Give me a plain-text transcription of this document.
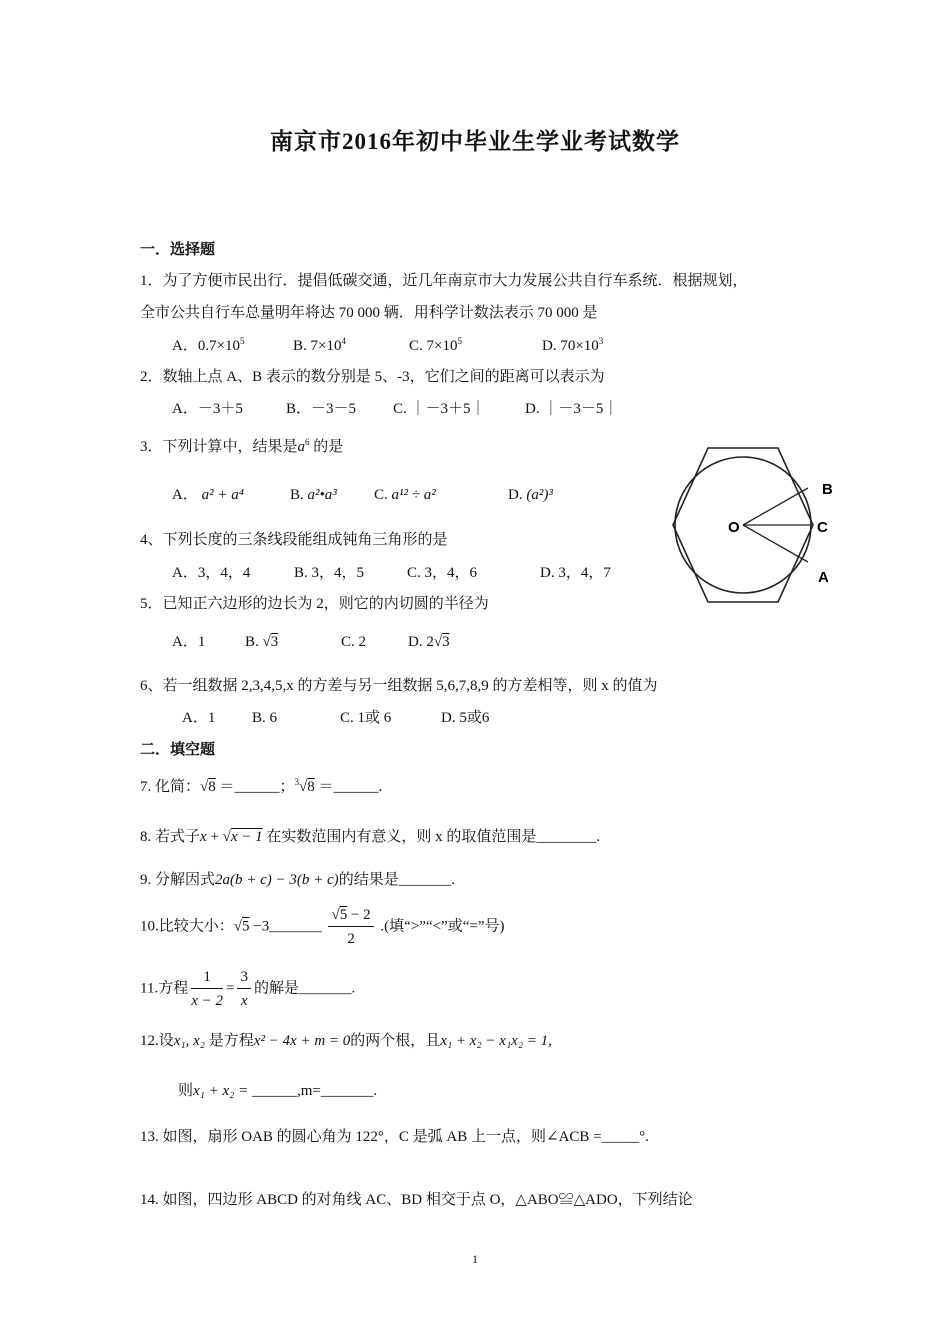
南京市2016年初中毕业生学业考试数学
一．选择题
1．为了方便市民出行．提倡低碳交通，近几年南京市大力发展公共自行车系统．根据规划，
全市公共自行车总量明年将达 70 000 辆．用科学计数法表示 70 000 是
A．$0.7\times 10^5$	B. $7\times 10^4$	C. $7\times 10^5$	D. $70\times 10^3$
2．数轴上点 A、B 表示的数分别是 5、-3，它们之间的距离可以表示为
A．－3＋5	B．－3－5 C. ｜－3＋5｜	D. ｜－3－5｜
3．下列计算中，结果是$a^6$ 的是
A． a² + a⁴	B. a²•a³ C. a¹² ÷ a²	D. (a²)³
4、下列长度的三条线段能组成钝角三角形的是
A．3，4，4	B. 3，4，5	C. 3，4，6	D. 3，4，7
5．已知正六边形的边长为 2，则它的内切圆的半径为
A．1	B. √3	C. 2	D. 2√3
6、若一组数据 2,3,4,5,x 的方差与另一组数据 5,6,7,8,9 的方差相等，则 x 的值为
A．1 B. 6	C. 1或 6	D. 5或6
二．填空题
7. 化简：√8 ＝______；$^3$√8 ＝______.
8. 若式子x + √x − 1 在实数范围内有意义，则 x 的取值范围是________.
9. 分解因式2a(b + c) − 3(b + c)的结果是_______.
10.比较大小：√5 −3_______ $\frac{√5 - 2}{2}$ .(填“>”“<”或“=”号)
11.方程 $\frac{1}{x - 2} = \frac{3}{x}$ 的解是_______.
12.设x₁, x₂ 是方程x² − 4x + m = 0的两个根，且x₁ + x₂ − x₁x₂ = 1,
则x₁ + x₂ = ______,m=_______.
13. 如图，扇形 OAB 的圆心角为 122°，C 是弧 AB 上一点，则∠ACB =_____°.
14. 如图，四边形 ABCD 的对角线 AC、BD 相交于点 O，△ABO≌△ADO，下列结论
O
B
C
A
1
